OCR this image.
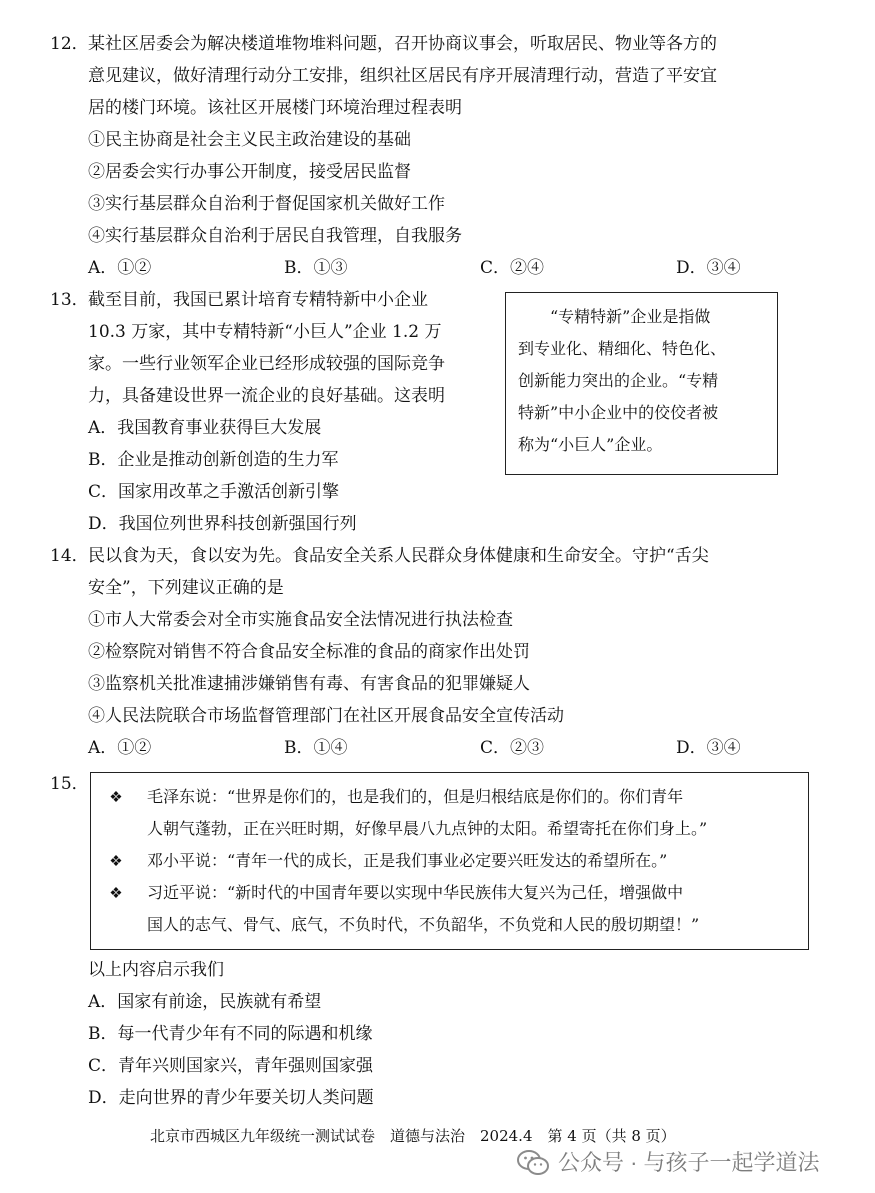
12． 某社区居委会为解决楼道堆物堆料问题，召开协商议事会，听取居民、物业等各方的
意见建议，做好清理行动分工安排，组织社区居民有序开展清理行动，营造了平安宜
居的楼门环境。该社区开展楼门环境治理过程表明
①民主协商是社会主义民主政治建设的基础
②居委会实行办事公开制度，接受居民监督
③实行基层群众自治利于督促国家机关做好工作
④实行基层群众自治利于居民自我管理，自我服务
A．①②	B．①③	C．②④	D．③④
13． 截至目前，我国已累计培育专精特新中小企业
10.3 万家，其中专精特新“小巨人”企业 1.2 万
家。一些行业领军企业已经形成较强的国际竞争
力，具备建设世界一流企业的良好基础。这表明
A．我国教育事业获得巨大发展
B．企业是推动创新创造的生力军
C．国家用改革之手激活创新引擎
D．我国位列世界科技创新强国行列
　　“专精特新”企业是指做
到专业化、精细化、特色化、
创新能力突出的企业。“专精
特新”中小企业中的佼佼者被
称为“小巨人”企业。
14． 民以食为天，食以安为先。食品安全关系人民群众身体健康和生命安全。守护“舌尖
安全”，下列建议正确的是
①市人大常委会对全市实施食品安全法情况进行执法检查
②检察院对销售不符合食品安全标准的食品的商家作出处罚
③监察机关批准逮捕涉嫌销售有毒、有害食品的犯罪嫌疑人
④人民法院联合市场监督管理部门在社区开展食品安全宣传活动
A．①②	B．①④	C．②③	D．③④
15．
❖ 毛泽东说：“世界是你们的，也是我们的，但是归根结底是你们的。你们青年
人朝气蓬勃，正在兴旺时期，好像早晨八九点钟的太阳。希望寄托在你们身上。”
❖ 邓小平说：“青年一代的成长，正是我们事业必定要兴旺发达的希望所在。”
❖ 习近平说：“新时代的中国青年要以实现中华民族伟大复兴为己任，增强做中
国人的志气、骨气、底气，不负时代，不负韶华，不负党和人民的殷切期望！”
以上内容启示我们
A．国家有前途，民族就有希望
B．每一代青少年有不同的际遇和机缘
C．青年兴则国家兴，青年强则国家强
D．走向世界的青少年要关切人类问题
北京市西城区九年级统一测试试卷　道德与法治　2024.4　第 4 页（共 8 页）
公众号 · 与孩子一起学道法
